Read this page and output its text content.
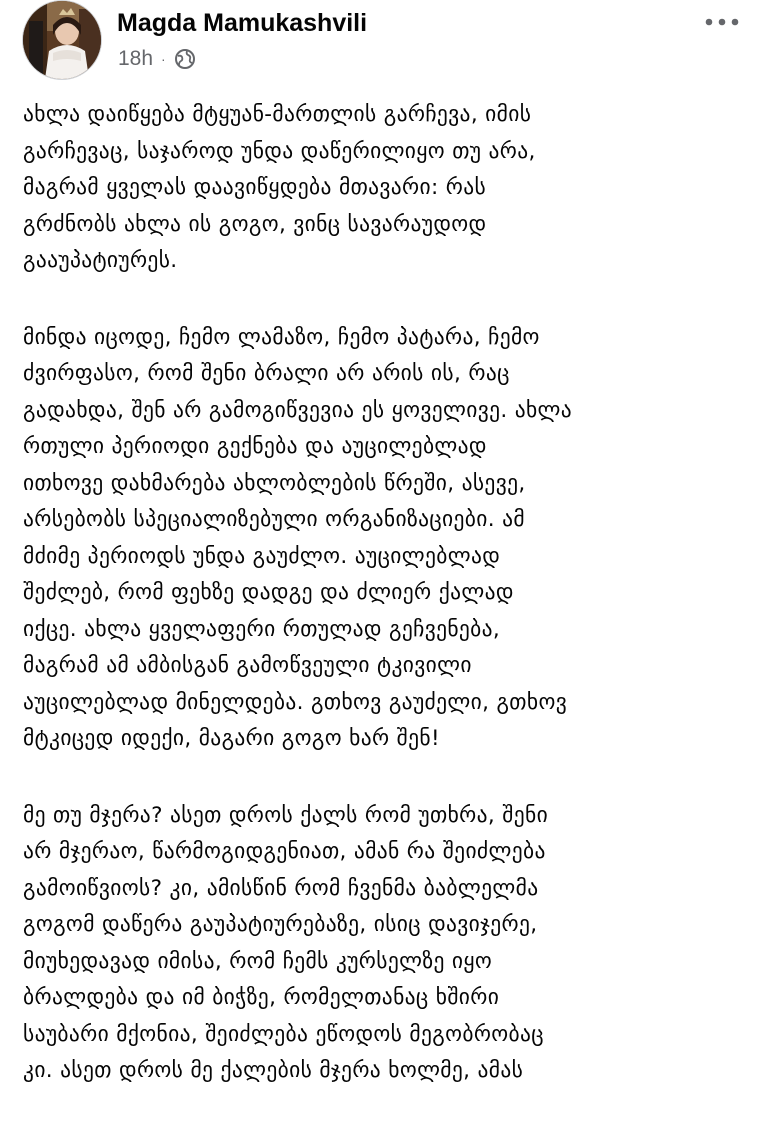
Magda Mamukashvili
18h ·

ახლა დაიწყება მტყუან-მართლის გარჩევა, იმის
გარჩევაც, საჯაროდ უნდა დაწერილიყო თუ არა,
მაგრამ ყველას დაავიწყდება მთავარი: რას
გრძნობს ახლა ის გოგო, ვინც სავარაუდოდ
გააუპატიურეს.

მინდა იცოდე, ჩემო ლამაზო, ჩემო პატარა, ჩემო
ძვირფასო, რომ შენი ბრალი არ არის ის, რაც
გადახდა, შენ არ გამოგიწვევია ეს ყოველივე. ახლა
რთული პერიოდი გექნება და აუცილებლად
ითხოვე დახმარება ახლობლების წრეში, ასევე,
არსებობს სპეციალიზებული ორგანიზაციები. ამ
მძიმე პერიოდს უნდა გაუძლო. აუცილებლად
შეძლებ, რომ ფეხზე დადგე და ძლიერ ქალად
იქცე. ახლა ყველაფერი რთულად გეჩვენება,
მაგრამ ამ ამბისგან გამოწვეული ტკივილი
აუცილებლად მინელდება. გთხოვ გაუძელი, გთხოვ
მტკიცედ იდექი, მაგარი გოგო ხარ შენ!

მე თუ მჯერა? ასეთ დროს ქალს რომ უთხრა, შენი
არ მჯერაო, წარმოგიდგენიათ, ამან რა შეიძლება
გამოიწვიოს? კი, ამისწინ რომ ჩვენმა ბაბლელმა
გოგომ დაწერა გაუპატიურებაზე, ისიც დავიჯერე,
მიუხედავად იმისა, რომ ჩემს კურსელზე იყო
ბრალდება და იმ ბიჭზე, რომელთანაც ხშირი
საუბარი მქონია, შეიძლება ეწოდოს მეგობრობაც
კი. ასეთ დროს მე ქალების მჯერა ხოლმე, ამას
